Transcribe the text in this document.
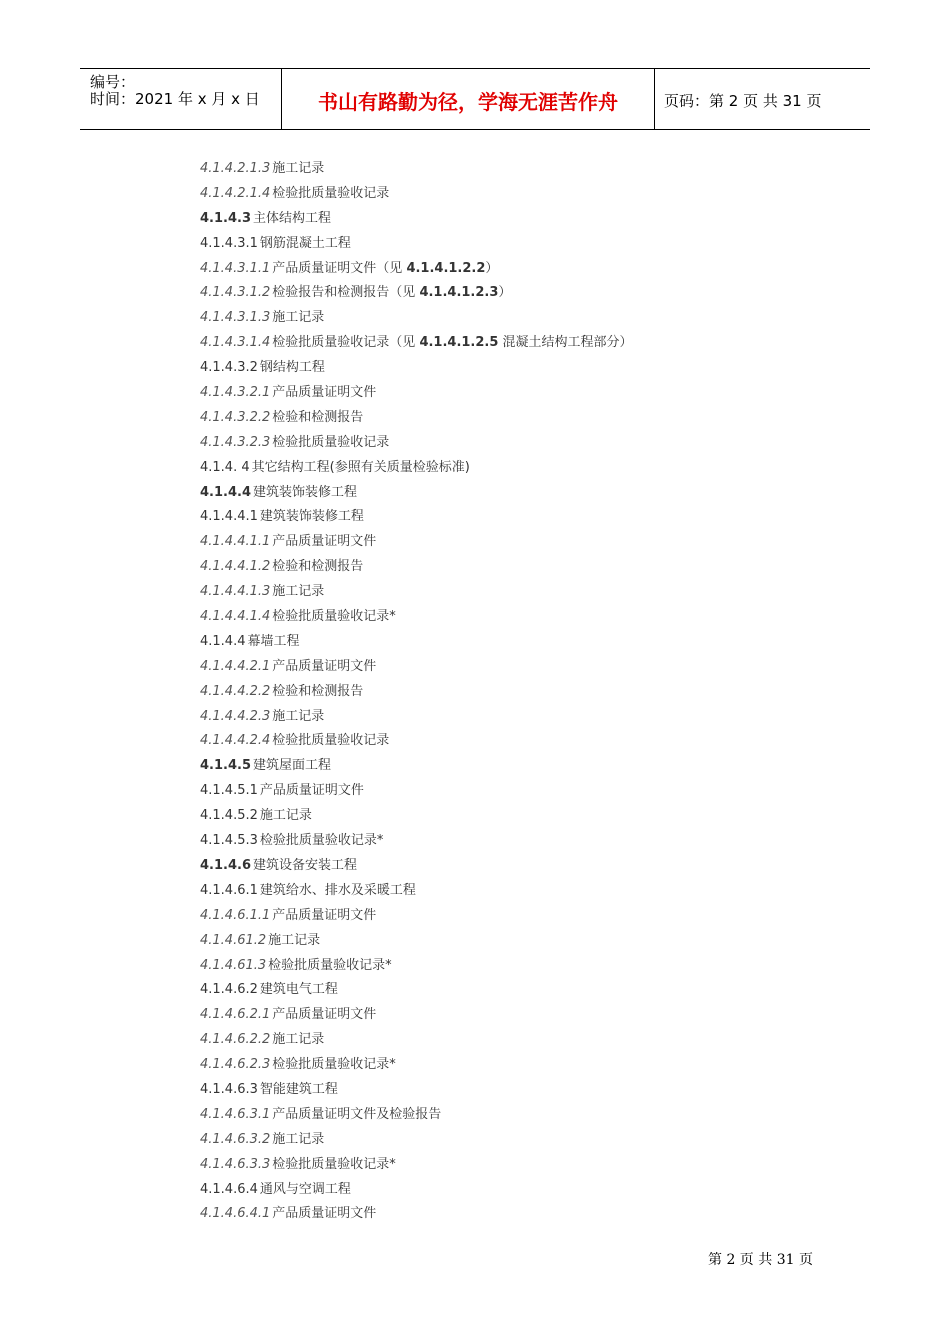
编号：
时间：2021 年 x 月 x 日	书山有路勤为径，学海无涯苦作舟	页码：第 2 页 共 31 页
4.1.4.2.1.3 施工记录
4.1.4.2.1.4 检验批质量验收记录
4.1.4.3 主体结构工程
4.1.4.3.1 钢筋混凝土工程
4.1.4.3.1.1 产品质量证明文件（见 4.1.4.1.2.2）
4.1.4.3.1.2 检验报告和检测报告（见 4.1.4.1.2.3）
4.1.4.3.1.3 施工记录
4.1.4.3.1.4 检验批质量验收记录（见 4.1.4.1.2.5 混凝土结构工程部分）
4.1.4.3.2 钢结构工程
4.1.4.3.2.1 产品质量证明文件
4.1.4.3.2.2 检验和检测报告
4.1.4.3.2.3 检验批质量验收记录
4.1.4. 4 其它结构工程(参照有关质量检验标准)
4.1.4.4 建筑装饰装修工程
4.1.4.4.1 建筑装饰装修工程
4.1.4.4.1.1 产品质量证明文件
4.1.4.4.1.2 检验和检测报告
4.1.4.4.1.3 施工记录
4.1.4.4.1.4 检验批质量验收记录*
4.1.4.4 幕墙工程
4.1.4.4.2.1 产品质量证明文件
4.1.4.4.2.2 检验和检测报告
4.1.4.4.2.3 施工记录
4.1.4.4.2.4 检验批质量验收记录
4.1.4.5 建筑屋面工程
4.1.4.5.1 产品质量证明文件
4.1.4.5.2 施工记录
4.1.4.5.3 检验批质量验收记录*
4.1.4.6 建筑设备安装工程
4.1.4.6.1 建筑给水、排水及采暖工程
4.1.4.6.1.1 产品质量证明文件
4.1.4.61.2 施工记录
4.1.4.61.3 检验批质量验收记录*
4.1.4.6.2 建筑电气工程
4.1.4.6.2.1 产品质量证明文件
4.1.4.6.2.2 施工记录
4.1.4.6.2.3 检验批质量验收记录*
4.1.4.6.3 智能建筑工程
4.1.4.6.3.1 产品质量证明文件及检验报告
4.1.4.6.3.2 施工记录
4.1.4.6.3.3 检验批质量验收记录*
4.1.4.6.4 通风与空调工程
4.1.4.6.4.1 产品质量证明文件
第 2 页 共 31 页
